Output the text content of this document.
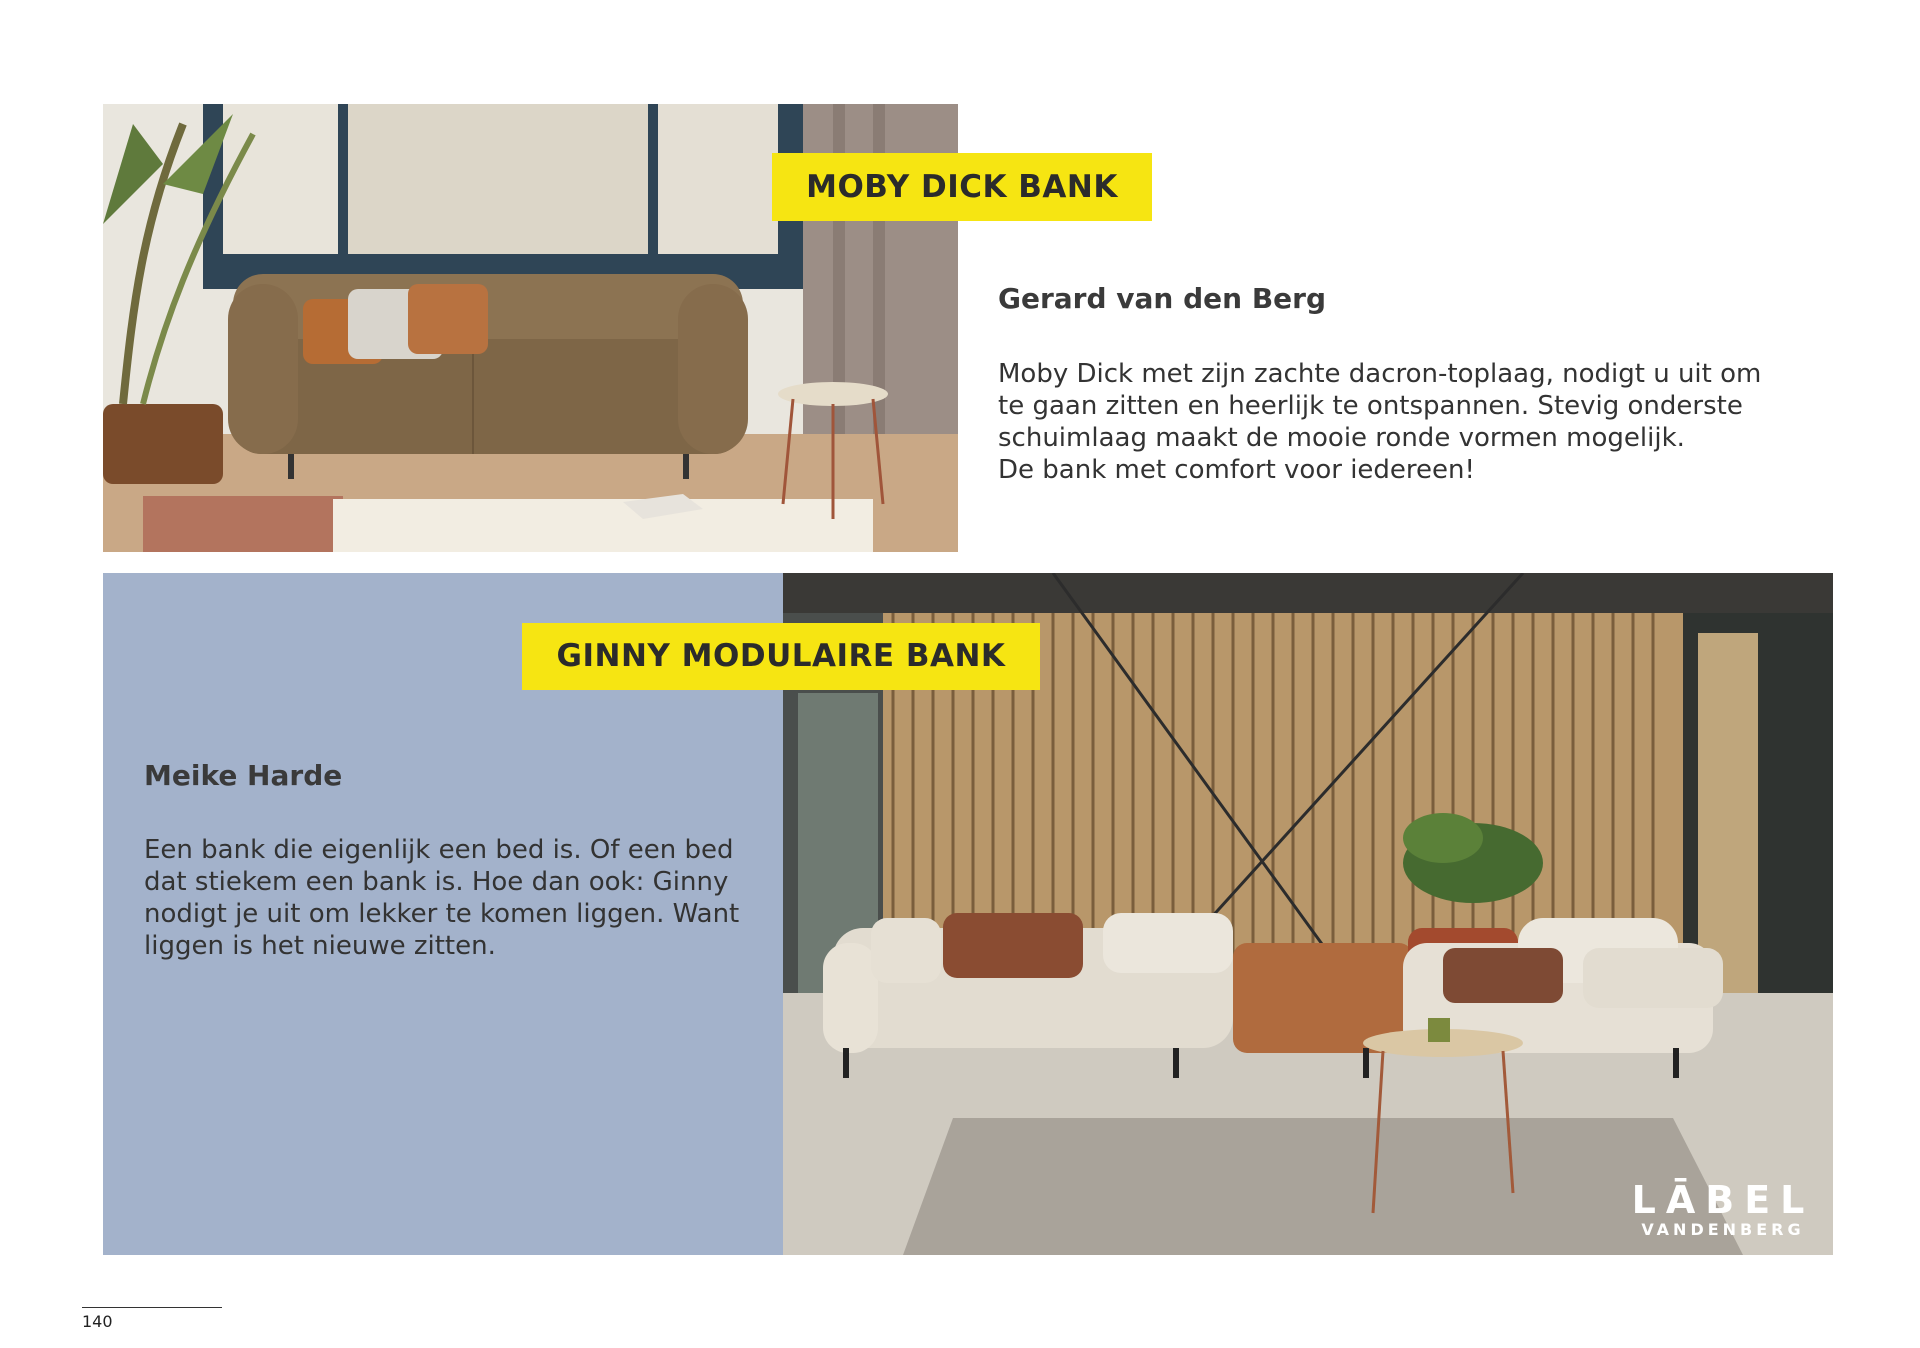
MOBY DICK BANK
Gerard van den Berg
Moby Dick met zijn zachte dacron-toplaag, nodigt u uit om
te gaan zitten en heerlijk te ontspannen. Stevig onderste
schuimlaag maakt de mooie ronde vormen mogelijk.
De bank met comfort voor iedereen!
GINNY MODULAIRE BANK
Meike Harde
Een bank die eigenlijk een bed is. Of een bed
dat stiekem een bank is. Hoe dan ook: Ginny
nodigt je uit om lekker te komen liggen. Want
liggen is het nieuwe zitten.
LĀBEL
VANDENBERG
140
